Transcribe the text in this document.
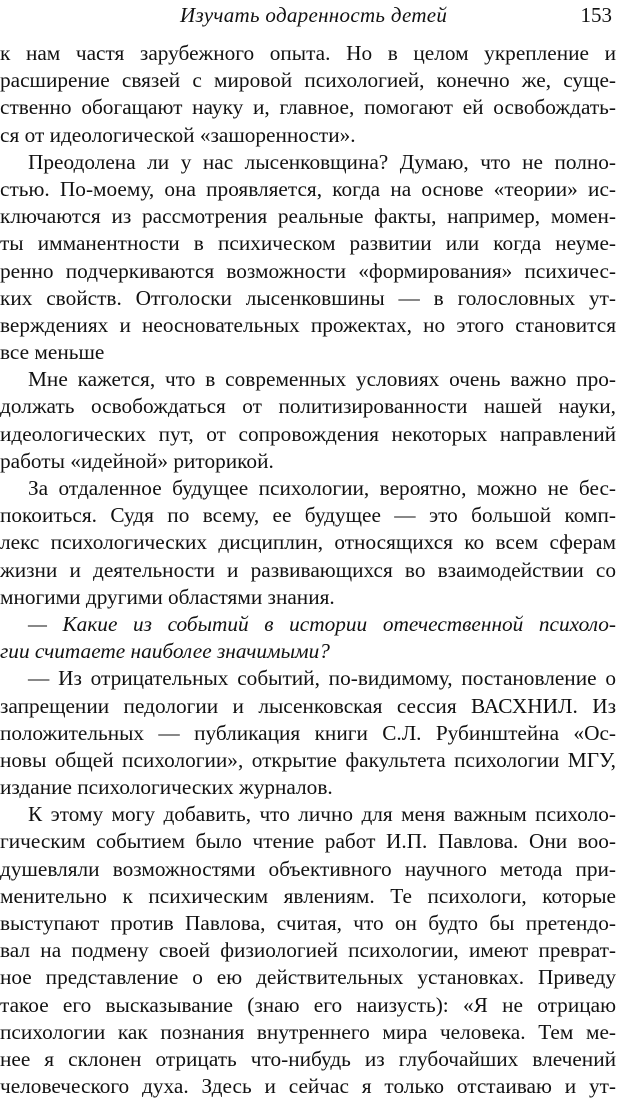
Изучать одаренность детей	153
к нам частя зарубежного опыта. Но в целом укрепление и
расширение связей с мировой психологией, конечно же, суще-
ственно обогащают науку и, главное, помогают ей освобождать-
ся от идеологической «зашоренности».
Преодолена ли у нас лысенковщина? Думаю, что не полно-
стью. По-моему, она проявляется, когда на основе «теории» ис-
ключаются из рассмотрения реальные факты, например, момен-
ты имманентности в психическом развитии или когда неуме-
ренно подчеркиваются возможности «формирования» психичес-
ких свойств. Отголоски лысенковшины — в голословных ут-
верждениях и неосновательных прожектах, но этого становится
все меньше
Мне кажется, что в современных условиях очень важно про-
должать освобождаться от политизированности нашей науки,
идеологических пут, от сопровождения некоторых направлений
работы «идейной» риторикой.
За отдаленное будущее психологии, вероятно, можно не бес-
покоиться. Судя по всему, ее будущее — это большой комп-
лекс психологических дисциплин, относящихся ко всем сферам
жизни и деятельности и развивающихся во взаимодействии со
многими другими областями знания.
— Какие из событий в истории отечественной психоло-
гии считаете наиболее значимыми?
— Из отрицательных событий, по-видимому, постановление о
запрещении педологии и лысенковская сессия ВАСХНИЛ. Из
положительных — публикация книги С.Л. Рубинштейна «Ос-
новы общей психологии», открытие факультета психологии МГУ,
издание психологических журналов.
К этому могу добавить, что лично для меня важным психоло-
гическим событием было чтение работ И.П. Павлова. Они воо-
душевляли возможностями объективного научного метода при-
менительно к психическим явлениям. Те психологи, которые
выступают против Павлова, считая, что он будто бы претендо-
вал на подмену своей физиологией психологии, имеют преврат-
ное представление о ею действительных установках. Приведу
такое его высказывание (знаю его наизусть): «Я не отрицаю
психологии как познания внутреннего мира человека. Тем ме-
нее я склонен отрицать что-нибудь из глубочайших влечений
человеческого духа. Здесь и сейчас я только отстаиваю и ут-
